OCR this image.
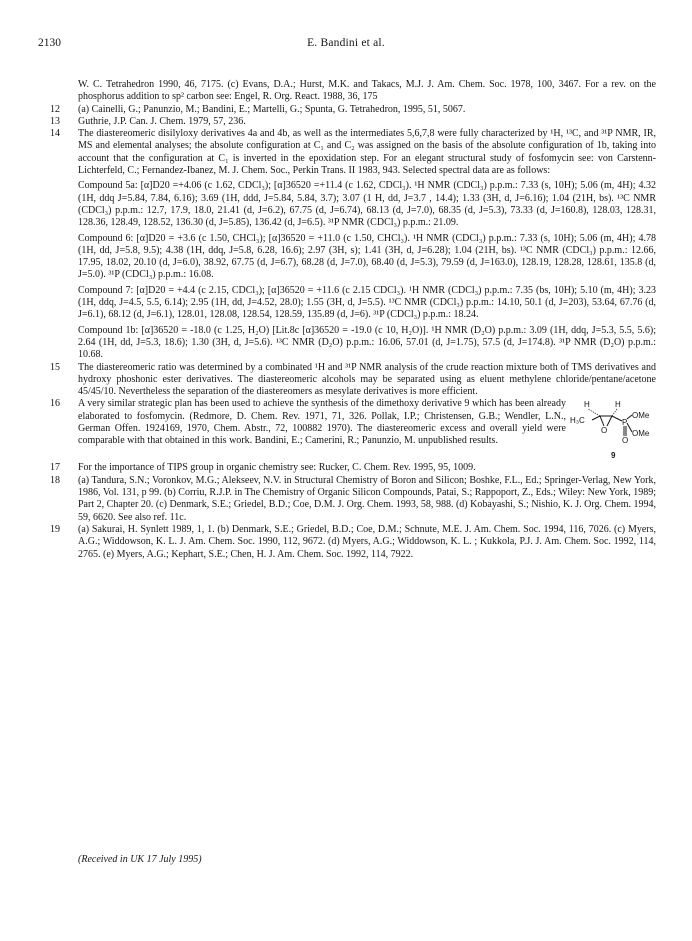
2130	E. Bandini et al.
W. C. Tetrahedron 1990, 46, 7175. (c) Evans, D.A.; Hurst, M.K. and Takacs, M.J. J. Am. Chem. Soc. 1978, 100, 3467. For a rev. on the phosphorus addition to sp² carbon see: Engel, R. Org. React. 1988, 36, 175
12	(a) Cainelli, G.; Panunzio, M.; Bandini, E.; Martelli, G.; Spunta, G. Tetrahedron, 1995, 51, 5067.
13	Guthrie, J.P. Can. J. Chem. 1979, 57, 236.
14	The diastereomeric disilyloxy derivatives 4a and 4b, as well as the intermediates 5,6,7,8 were fully characterized by ¹H, ¹³C, and ³¹P NMR, IR, MS and elemental analyses; the absolute configuration at C₁ and C₂ was assigned on the basis of the absolute configuration of 1b, taking into account that the configuration at C₁ is inverted in the epoxidation step. For an elegant structural study of fosfomycin see: von Carstenn-Lichterfeld, C.; Fernandez-Ibanez, M. J. Chem. Soc., Perkin Trans. II 1983, 943. Selected spectral data are as follows:

Compound 5a: [α]D20 =+4.06 (c 1.62, CDCl₃); [α]36520 =+11.4 (c 1.62, CDCl₃). ¹H NMR (CDCl₃) p.p.m.: 7.33 (s, 10H); 5.06 (m, 4H); 4.32 (1H, ddq J=5.84, 7.84, 6.16); 3.69 (1H, ddd, J=5.84, 5.84, 3.7); 3.07 (1 H, dd, J=3.7 , 14.4); 1.33 (3H, d, J=6.16); 1.04 (21H, bs). ¹³C NMR (CDCl₃) p.p.m.: 12.7, 17.9, 18.0, 21.41 (d, J=6.2), 67.75 (d, J=6.74), 68.13 (d, J=7.0), 68.35 (d, J=5.3), 73.33 (d, J=160.8), 128.03, 128.31, 128.36, 128.49, 128.52, 136.30 (d, J=5.85), 136.42 (d, J=6.5). ³¹P NMR (CDCl₃) p.p.m.: 21.09.

Compound 6: [α]D20 = +3.6 (c 1.50, CHCl₃); [α]36520 = +11.0 (c 1.50, CHCl₃). ¹H NMR (CDCl₃) p.p.m.: 7.33 (s, 10H); 5.06 (m, 4H); 4.78 (1H, dd, J=5.8, 9.5); 4.38 (1H, ddq, J=5.8, 6.28, 16.6); 2.97 (3H, s); 1.41 (3H, d, J=6.28); 1.04 (21H, bs). ¹³C NMR (CDCl₃) p.p.m.: 12.66, 17.95, 18.02, 20.10 (d, J=6.0), 38.92, 67.75 (d, J=6.7), 68.28 (d, J=7.0), 68.40 (d, J=5.3), 79.59 (d, J=163.0), 128.19, 128.28, 128.61, 135.8 (d, J=5.0). ³¹P (CDCl₃) p.p.m.: 16.08.

Compound 7: [α]D20 = +4.4 (c 2.15, CDCl₃); [α]36520 = +11.6 (c 2.15 CDCl₃). ¹H NMR (CDCl₃) p.p.m.: 7.35 (bs, 10H); 5.10 (m, 4H); 3.23 (1H, ddq, J=4.5, 5.5, 6.14); 2.95 (1H, dd, J=4.52, 28.0); 1.55 (3H, d, J=5.5). ¹³C NMR (CDCl₃) p.p.m.: 14.10, 50.1 (d, J=203), 53.64, 67.76 (d, J=6.1), 68.12 (d, J=6.1), 128.01, 128.08, 128.54, 128.59, 135.89 (d, J=6). ³¹P (CDCl₃) p.p.m.: 18.24.

Compound 1b: [α]36520 = -18.0 (c 1.25, H₂O) [Lit.8c [α]36520 = -19.0 (c 10, H₂O)]. ¹H NMR (D₂O) p.p.m.: 3.09 (1H, ddq, J=5.3, 5.5, 5.6); 2.64 (1H, dd, J=5.3, 18.6); 1.30 (3H, d, J=5.6). ¹³C NMR (D₂O) p.p.m.: 16.06, 57.01 (d, J=1.75), 57.5 (d, J=174.8). ³¹P NMR (D₂O) p.p.m.: 10.68.

15	The diastereomeric ratio was determined by a combinated ¹H and ³¹P NMR analysis of the crude reaction mixture both of TMS derivatives and hydroxy phoshonic ester derivatives. The diastereomeric alcohols may be separated using as eluent methylene chloride/pentane/acetone 45/45/10. Nevertheless the separation of the diastereomers as mesylate derivatives is more efficient.
16	A very similar strategic plan has been used to achieve the synthesis of the dimethoxy derivative 9 which has been already elaborated to fosfomycin. (Redmore, D. Chem. Rev. 1971, 71, 326. Pollak, I.P.; Christensen, G.B.; Wendler, L.N., German Offen. 1924169, 1970, Chem. Abstr., 72, 100882 1970). The diastereomeric excess and overall yield were comparable with that obtained in this work. Bandini, E.; Camerini, R.; Panunzio, M. unpublished results.
H	H
H₃C
O
P
OMe
OMe
O
9
17	For the importance of TIPS group in organic chemistry see: Rucker, C. Chem. Rev. 1995, 95, 1009.
18	(a) Tandura, S.N.; Voronkov, M.G.; Alekseev, N.V. in Structural Chemistry of Boron and Silicon; Boshke, F.L., Ed.; Springer-Verlag, New York, 1986, Vol. 131, p 99. (b) Corriu, R.J.P. in The Chemistry of Organic Silicon Compounds, Patai, S.; Rappoport, Z., Eds.; Wiley: New York, 1989; Part 2, Chapter 20. (c) Denmark, S.E.; Griedel, B.D.; Coe, D.M. J. Org. Chem. 1993, 58, 988. (d) Kobayashi, S.; Nishio, K. J. Org. Chem. 1994, 59, 6620. See also ref. 11c.
19	(a) Sakurai, H. Synlett 1989, 1, 1. (b) Denmark, S.E.; Griedel, B.D.; Coe, D.M.; Schnute, M.E. J. Am. Chem. Soc. 1994, 116, 7026. (c) Myers, A.G.; Widdowson, K. L. J. Am. Chem. Soc. 1990, 112, 9672. (d) Myers, A.G.; Widdowson, K. L. ; Kukkola, P.J. J. Am. Chem. Soc. 1992, 114, 2765. (e) Myers, A.G.; Kephart, S.E.; Chen, H. J. Am. Chem. Soc. 1992, 114, 7922.
(Received in UK 17 July 1995)
